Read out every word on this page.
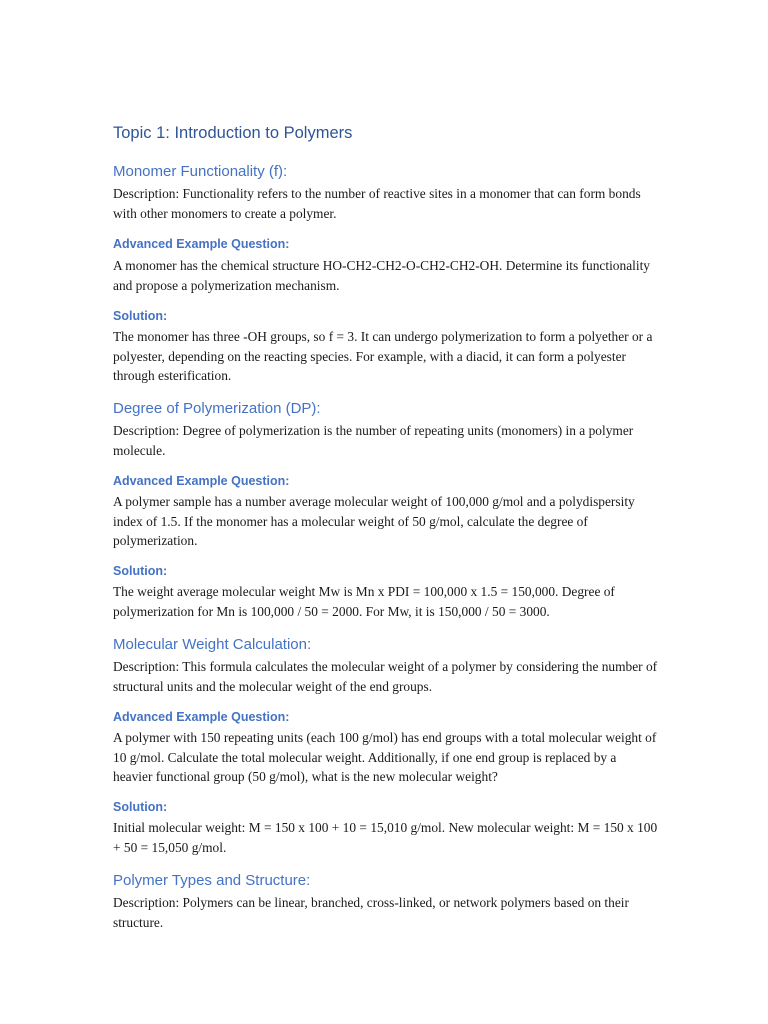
Topic 1: Introduction to Polymers
Monomer Functionality (f):
Description: Functionality refers to the number of reactive sites in a monomer that can form bonds with other monomers to create a polymer.
Advanced Example Question:
A monomer has the chemical structure HO-CH2-CH2-O-CH2-CH2-OH. Determine its functionality and propose a polymerization mechanism.
Solution:
The monomer has three -OH groups, so f = 3. It can undergo polymerization to form a polyether or a polyester, depending on the reacting species. For example, with a diacid, it can form a polyester through esterification.
Degree of Polymerization (DP):
Description: Degree of polymerization is the number of repeating units (monomers) in a polymer molecule.
Advanced Example Question:
A polymer sample has a number average molecular weight of 100,000 g/mol and a polydispersity index of 1.5. If the monomer has a molecular weight of 50 g/mol, calculate the degree of polymerization.
Solution:
The weight average molecular weight Mw is Mn x PDI = 100,000 x 1.5 = 150,000. Degree of polymerization for Mn is 100,000 / 50 = 2000. For Mw, it is 150,000 / 50 = 3000.
Molecular Weight Calculation:
Description: This formula calculates the molecular weight of a polymer by considering the number of structural units and the molecular weight of the end groups.
Advanced Example Question:
A polymer with 150 repeating units (each 100 g/mol) has end groups with a total molecular weight of 10 g/mol. Calculate the total molecular weight. Additionally, if one end group is replaced by a heavier functional group (50 g/mol), what is the new molecular weight?
Solution:
Initial molecular weight: M = 150 x 100 + 10 = 15,010 g/mol. New molecular weight: M = 150 x 100 + 50 = 15,050 g/mol.
Polymer Types and Structure:
Description: Polymers can be linear, branched, cross-linked, or network polymers based on their structure.
